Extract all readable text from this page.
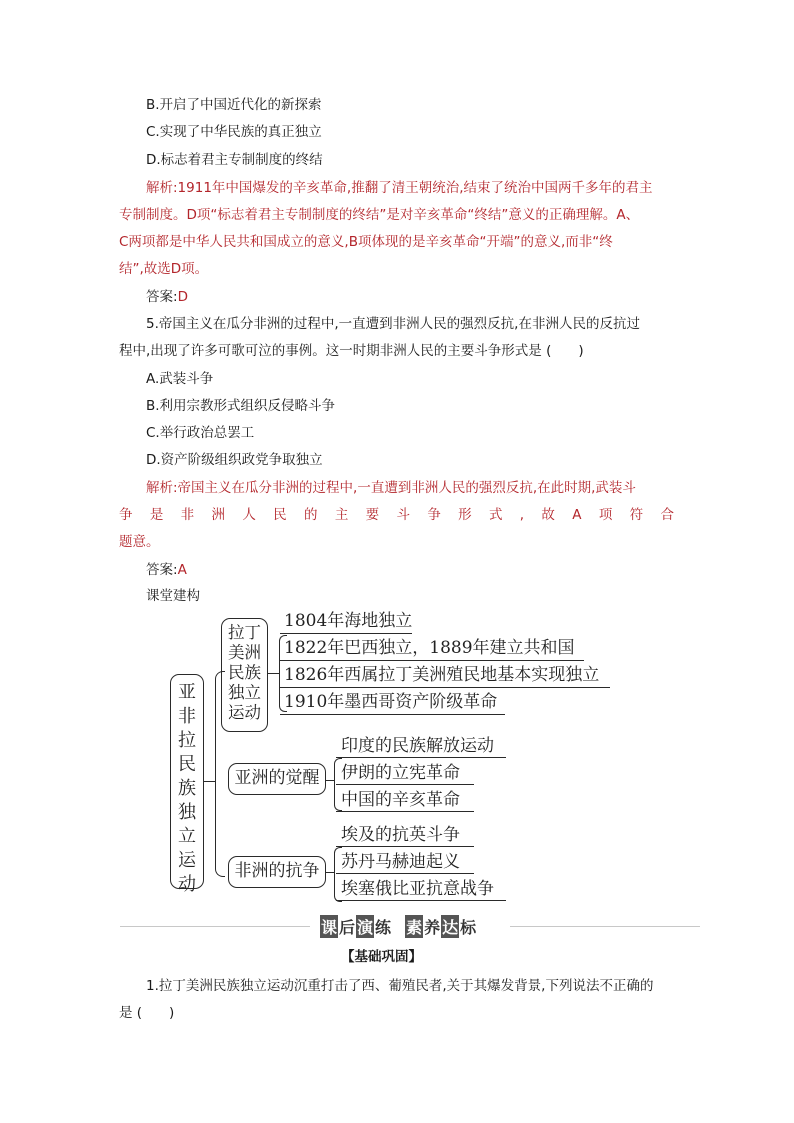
B.开启了中国近代化的新探索
C.实现了中华民族的真正独立
D.标志着君主专制制度的终结
解析:1911年中国爆发的辛亥革命,推翻了清王朝统治,结束了统治中国两千多年的君主
专制制度。D项“标志着君主专制制度的终结”是对辛亥革命“终结”意义的正确理解。A、
C两项都是中华人民共和国成立的意义,B项体现的是辛亥革命“开端”的意义,而非“终
结”,故选D项。
答案:D
5.帝国主义在瓜分非洲的过程中,一直遭到非洲人民的强烈反抗,在非洲人民的反抗过
程中,出现了许多可歌可泣的事例。这一时期非洲人民的主要斗争形式是 (　　)
A.武装斗争
B.利用宗教形式组织反侵略斗争
C.举行政治总罢工
D.资产阶级组织政党争取独立
解析:帝国主义在瓜分非洲的过程中,一直遭到非洲人民的强烈反抗,在此时期,武装斗
争是非洲人民的主要斗争形式,故A项符合
题意。
答案:A
课堂建构
亚非拉民族独立运动
拉丁美洲民族独立运动
1804年海地独立
1822年巴西独立，1889年建立共和国
1826年西属拉丁美洲殖民地基本实现独立
1910年墨西哥资产阶级革命
亚洲的觉醒
印度的民族解放运动
伊朗的立宪革命
中国的辛亥革命
非洲的抗争
埃及的抗英斗争
苏丹马赫迪起义
埃塞俄比亚抗意战争
课 后 演 练 素 养 达 标
【基础巩固】
1.拉丁美洲民族独立运动沉重打击了西、葡殖民者,关于其爆发背景,下列说法不正确的
是 (　　)
